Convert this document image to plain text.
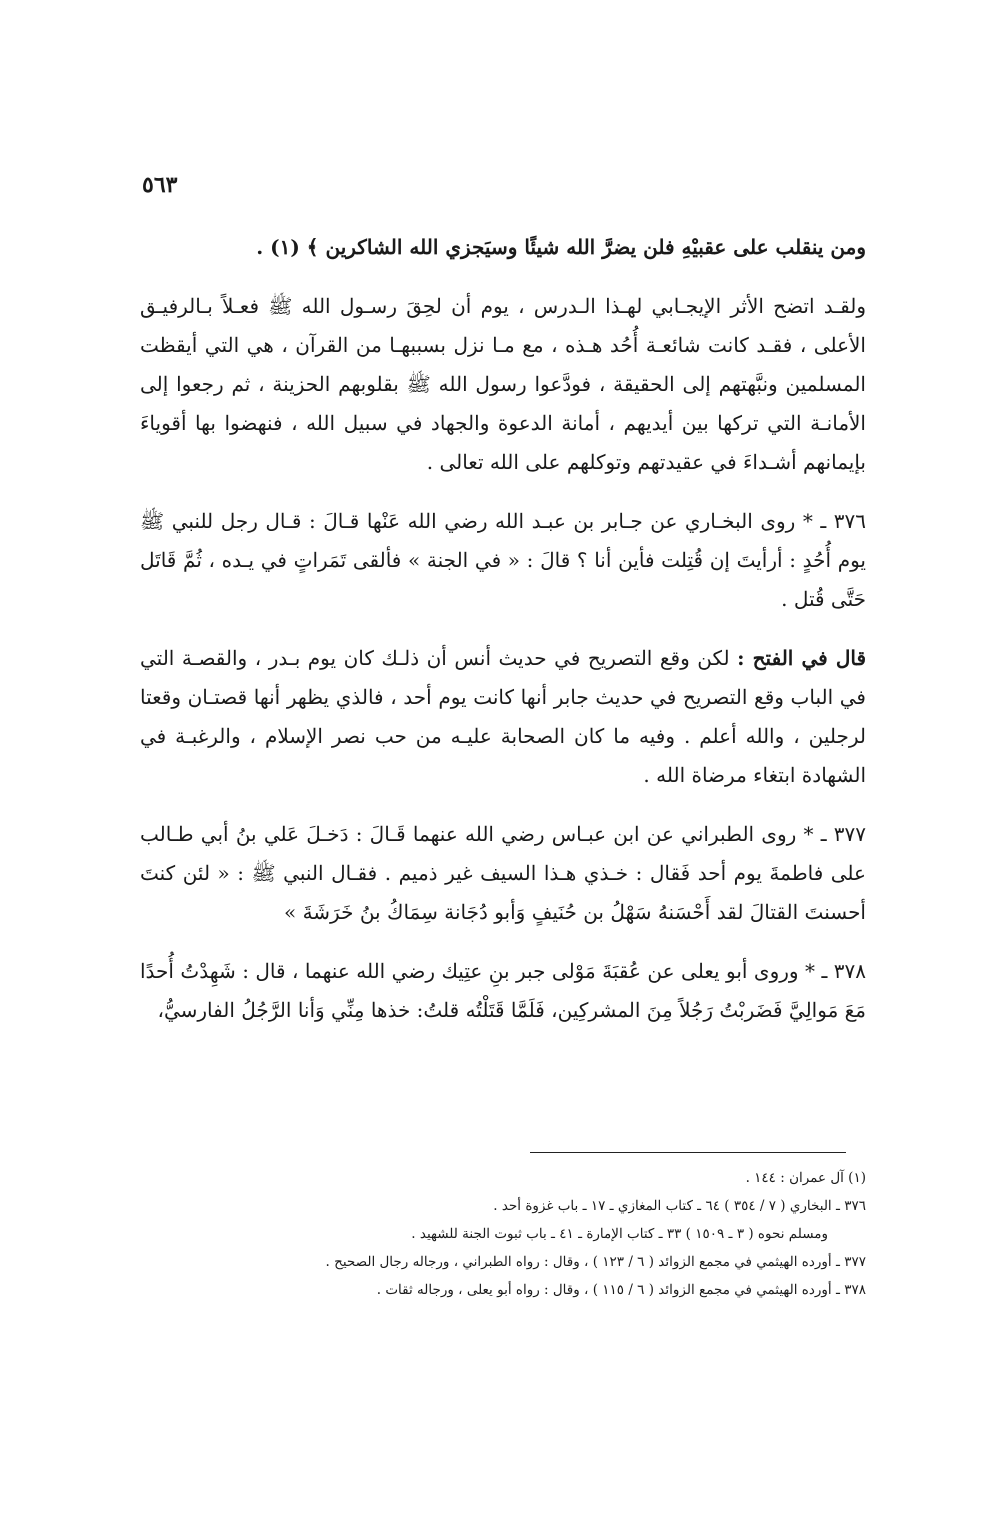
٥٦٣

ومن ينقلب على عقبيْهِ فلن يضرَّ الله شيئًا وسيَجزي الله الشاكرين ﴾ (١) .

ولقـد اتضح الأثر الإيجـابي لهـذا الـدرس ، يوم أن لحِقَ رسـول الله ﷺ فعـلاً بـالرفيـق الأعلى ، فقـد كانت شائعـة أُحُد هـذه ، مع مـا نزل بسببهـا من القرآن ، هي التي أيقظت المسلمين ونبَّهتهم إلى الحقيقة ، فودَّعوا رسول الله ﷺ بقلوبهم الحزينة ، ثم رجعوا إلى الأمانـة التي تركها بين أيديهم ، أمانة الدعوة والجهاد في سبيل الله ، فنهضوا بها أقوياءَ بإيمانهم أشـداءَ في عقيدتهم وتوكلهم على الله تعالى .

٣٧٦ ـ * روى البخـاري عن جـابر بن عبـد الله رضي الله عَنْها قـالَ : قـال رجل للنبي ﷺ يوم أُحُدٍ : أرأيتَ إن قُتِلت فأين أنا ؟ قالَ : « في الجنة » فألقى تَمَراتٍ في يـده ، ثُمَّ قَاتَل حَتَّى قُتل .

قال في الفتح : لكن وقع التصريح في حديث أنس أن ذلـك كان يوم بـدر ، والقصـة التي في الباب وقع التصريح في حديث جابر أنها كانت يوم أحد ، فالذي يظهر أنها قصتـان وقعتا لرجلين ، والله أعلم . وفيه ما كان الصحابة عليـه من حب نصر الإسلام ، والرغبـة في الشهادة ابتغاء مرضاة الله .

٣٧٧ ـ * روى الطبراني عن ابن عبـاس رضي الله عنهما قَـالَ : دَخـلَ عَلي بنُ أبي طـالب على فاطمةَ يوم أحد فَقال : خـذي هـذا السيف غير ذميم . فقـال النبي ﷺ : « لئن كنتَ أحسنتَ القتالَ لقد أَحْسَنهُ سَهْلُ بن حُنَيفٍ وَأبو دُجَانة سِمَاكُ بنُ خَرَشَةَ »

٣٧٨ ـ * وروى أبو يعلى عن عُقبَةَ مَوْلى جبر بنِ عتِيك رضي الله عنهما ، قال : شَهِدْتُ أُحدًا مَعَ مَوالِيَّ فَضَربْتُ رَجُلاً مِنَ المشركِين، فَلَمَّا قَتَلْتُه قلتُ: خذها مِنِّي وَأنا الرَّجُلُ الفارسيُّ،

(١) آل عمران : ١٤٤ .
٣٧٦ ـ البخاري ( ٧ / ٣٥٤ ) ٦٤ ـ كتاب المغازي ـ ١٧ ـ باب غزوة أحد .
ومسلم نحوه ( ٣ ـ ١٥٠٩ ) ٣٣ ـ كتاب الإمارة ـ ٤١ ـ باب ثبوت الجنة للشهيد .
٣٧٧ ـ أورده الهيثمي في مجمع الزوائد ( ٦ / ١٢٣ ) ، وقال : رواه الطبراني ، ورجاله رجال الصحيح .
٣٧٨ ـ أورده الهيثمي في مجمع الزوائد ( ٦ / ١١٥ ) ، وقال : رواه أبو يعلى ، ورجاله ثقات .
